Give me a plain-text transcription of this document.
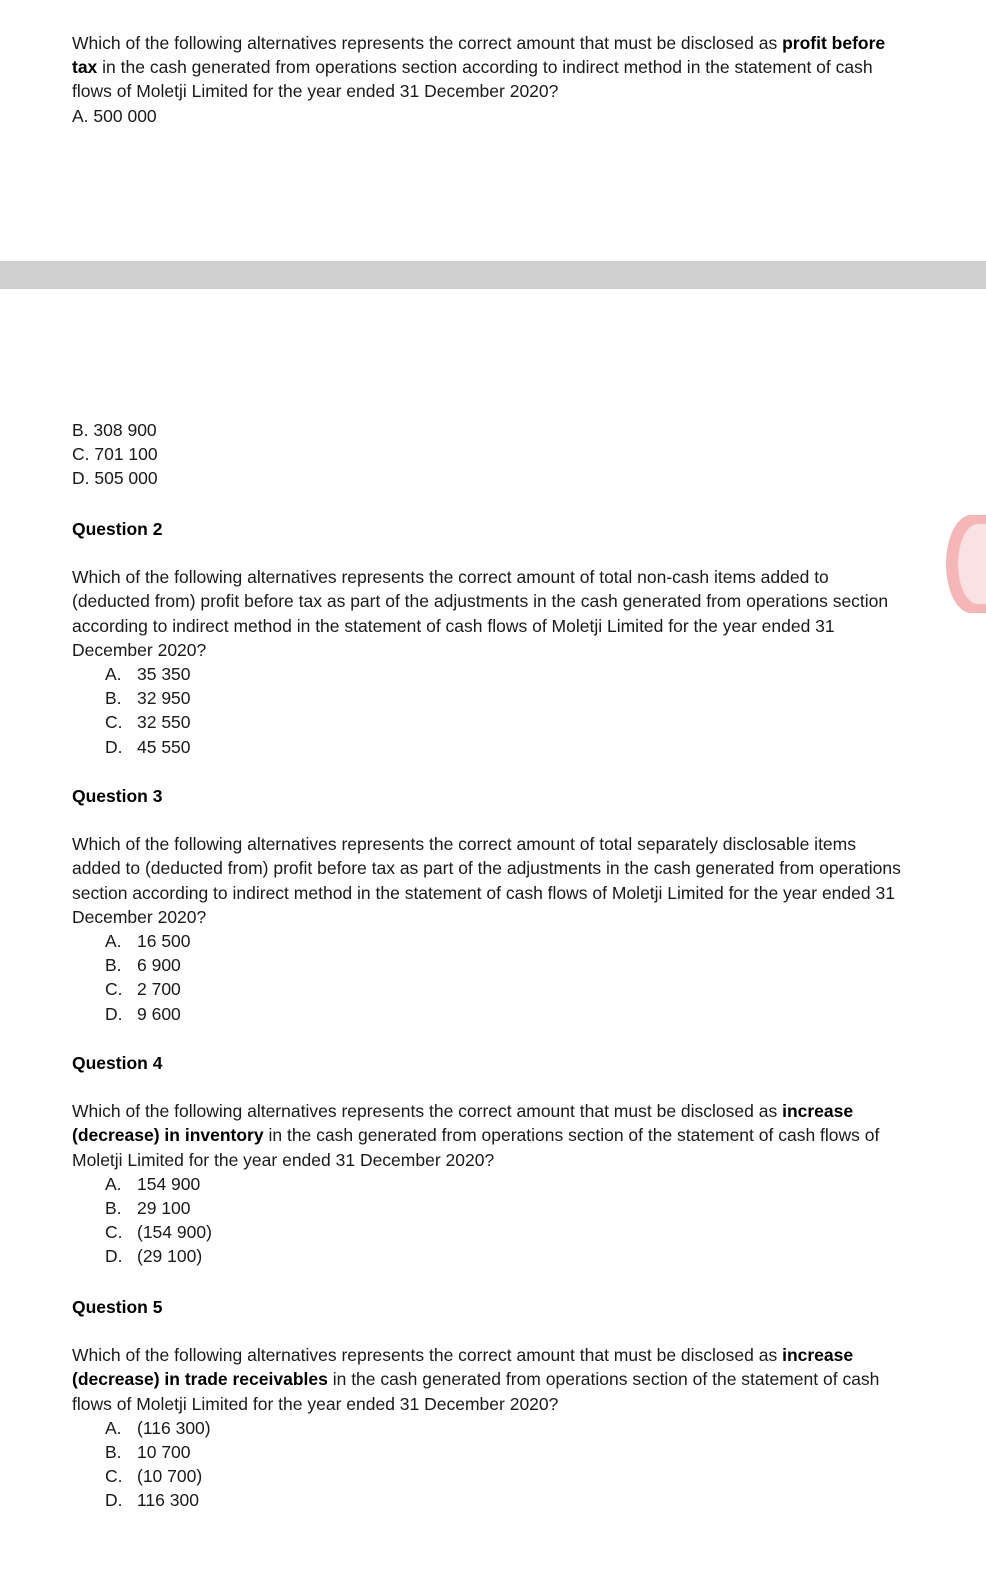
Which of the following alternatives represents the correct amount that must be disclosed as profit before tax in the cash generated from operations section according to indirect method in the statement of cash flows of Moletji Limited for the year ended 31 December 2020?

A. 500 000

B. 308 900

C. 701 100

D. 505 000

Question 2

Which of the following alternatives represents the correct amount of total non-cash items added to (deducted from) profit before tax as part of the adjustments in the cash generated from operations section according to indirect method in the statement of cash flows of Moletji Limited for the year ended 31 December 2020?

A. 35 350

B. 32 950

C. 32 550

D. 45 550

Question 3

Which of the following alternatives represents the correct amount of total separately disclosable items added to (deducted from) profit before tax as part of the adjustments in the cash generated from operations section according to indirect method in the statement of cash flows of Moletji Limited for the year ended 31 December 2020?

A. 16 500

B. 6 900

C. 2 700

D. 9 600

Question 4

Which of the following alternatives represents the correct amount that must be disclosed as increase (decrease) in inventory in the cash generated from operations section of the statement of cash flows of Moletji Limited for the year ended 31 December 2020?

A. 154 900

B. 29 100

C. (154 900)

D. (29 100)

Question 5

Which of the following alternatives represents the correct amount that must be disclosed as increase (decrease) in trade receivables in the cash generated from operations section of the statement of cash flows of Moletji Limited for the year ended 31 December 2020?

A. (116 300)

B. 10 700

C. (10 700)

D. 116 300
